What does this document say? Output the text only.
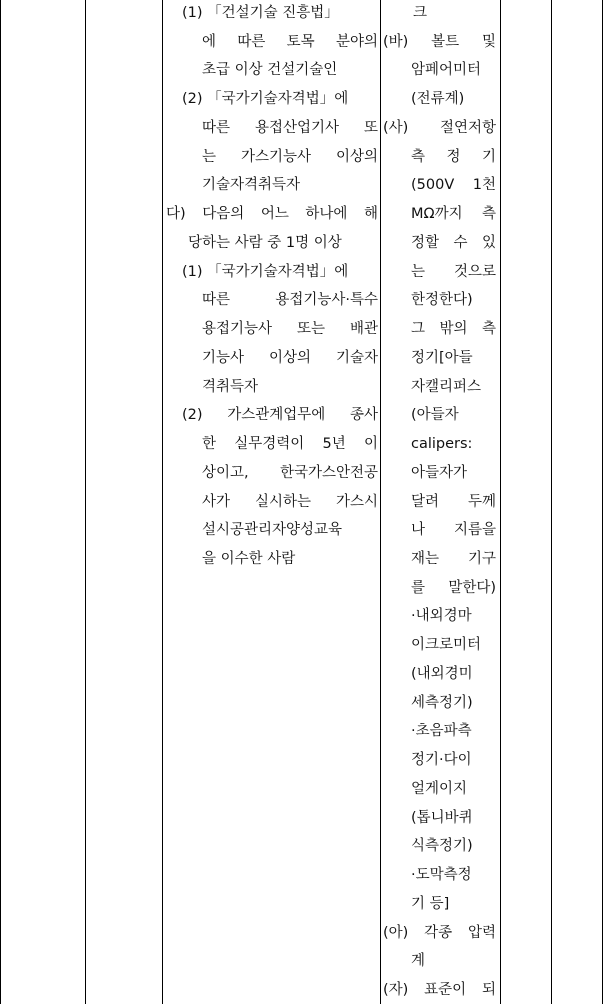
(1) 「건설기술 진흥법」
에 따른 토목 분야의
초급 이상 건설기술인
(2) 「국가기술자격법」에
따른 용접산업기사 또
는 가스기능사 이상의
기술자격취득자
다) 다음의 어느 하나에 해
당하는 사람 중 1명 이상
(1) 「국가기술자격법」에
따른 용접기능사·특수
용접기능사 또는 배관
기능사 이상의 기술자
격취득자
(2) 가스관계업무에 종사
한 실무경력이 5년 이
상이고, 한국가스안전공
사가 실시하는 가스시
설시공관리자양성교육
을 이수한 사람
크
(바) 볼트 및
암페어미터
(전류계)
(사) 절연저항
측 정 기
(500V 1천
MΩ까지 측
정할 수 있
는 것으로
한정한다)
그 밖의 측
정기[아들
자캘리퍼스
(아들자
calipers:
아들자가
달려 두께
나 지름을
재는 기구
를 말한다)
·내외경마
이크로미터
(내외경미
세측정기)
·초음파측
정기·다이
얼게이지
(톱니바퀴
식측정기)
·도막측정
기 등]
(아) 각종 압력
계
(자) 표준이 되
